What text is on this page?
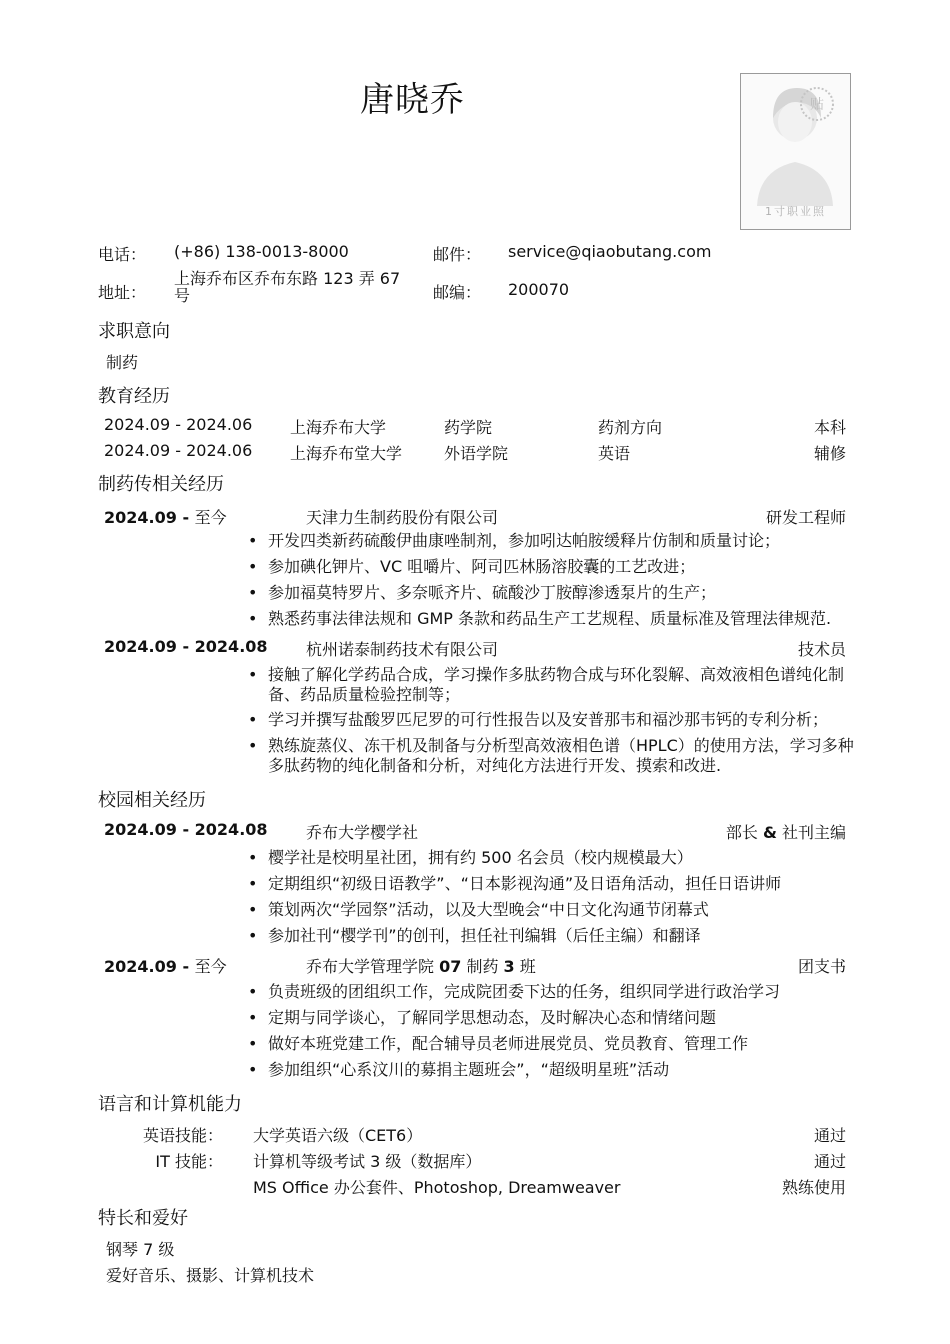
唐晓乔	贴
1寸职业照
电话： (+86) 138-0013-8000	邮件： service@qiaobutang.com
地址：
上海乔布区乔布东路 123 弄 67
号	邮编： 200070
求职意向
制药
教育经历
2024.09 - 2024.06 上海乔布大学	药学院	药剂方向	本科
2024.09 - 2024.06 上海乔布堂大学	外语学院	英语	辅修
制药传相关经历
2024.09 - 至今	天津力生制药股份有限公司	研发工程师
• 开发四类新药硫酸伊曲康唑制剂，参加吲达帕胺缓释片仿制和质量讨论；
• 参加碘化钾片、VC 咀嚼片、阿司匹林肠溶胶囊的工艺改进；
• 参加福莫特罗片、多奈哌齐片、硫酸沙丁胺醇渗透泵片的生产；
• 熟悉药事法律法规和 GMP 条款和药品生产工艺规程、质量标准及管理法律规范.
2024.09 - 2024.08 杭州诺泰制药技术有限公司	技术员
• 接触了解化学药品合成，学习操作多肽药物合成与环化裂解、高效液相色谱纯化制备、药品质量检验控制等；
• 学习并撰写盐酸罗匹尼罗的可行性报告以及安普那韦和福沙那韦钙的专利分析；
• 熟练旋蒸仪、冻干机及制备与分析型高效液相色谱（HPLC）的使用方法，学习多种多肽药物的纯化制备和分析，对纯化方法进行开发、摸索和改进.
校园相关经历
2024.09 - 2024.08 乔布大学樱学社	部长 & 社刊主编
• 樱学社是校明星社团，拥有约 500 名会员（校内规模最大）
• 定期组织“初级日语教学”、“日本影视沟通”及日语角活动，担任日语讲师
• 策划两次“学园祭”活动，以及大型晚会“中日文化沟通节闭幕式
• 参加社刊“樱学刊”的创刊，担任社刊编辑（后任主编）和翻译
2024.09 - 至今	乔布大学管理学院 07 制药 3 班	团支书
• 负责班级的团组织工作，完成院团委下达的任务，组织同学进行政治学习
• 定期与同学谈心，了解同学思想动态，及时解决心态和情绪问题
• 做好本班党建工作，配合辅导员老师进展党员、党员教育、管理工作
• 参加组织“心系汶川的募捐主题班会”，“超级明星班”活动
语言和计算机能力
英语技能： 大学英语六级（CET6）	通过
IT 技能： 计算机等级考试 3 级（数据库）	通过
MS Office 办公套件、Photoshop, Dreamweaver	熟练使用
特长和爱好
钢琴 7 级
爱好音乐、摄影、计算机技术
